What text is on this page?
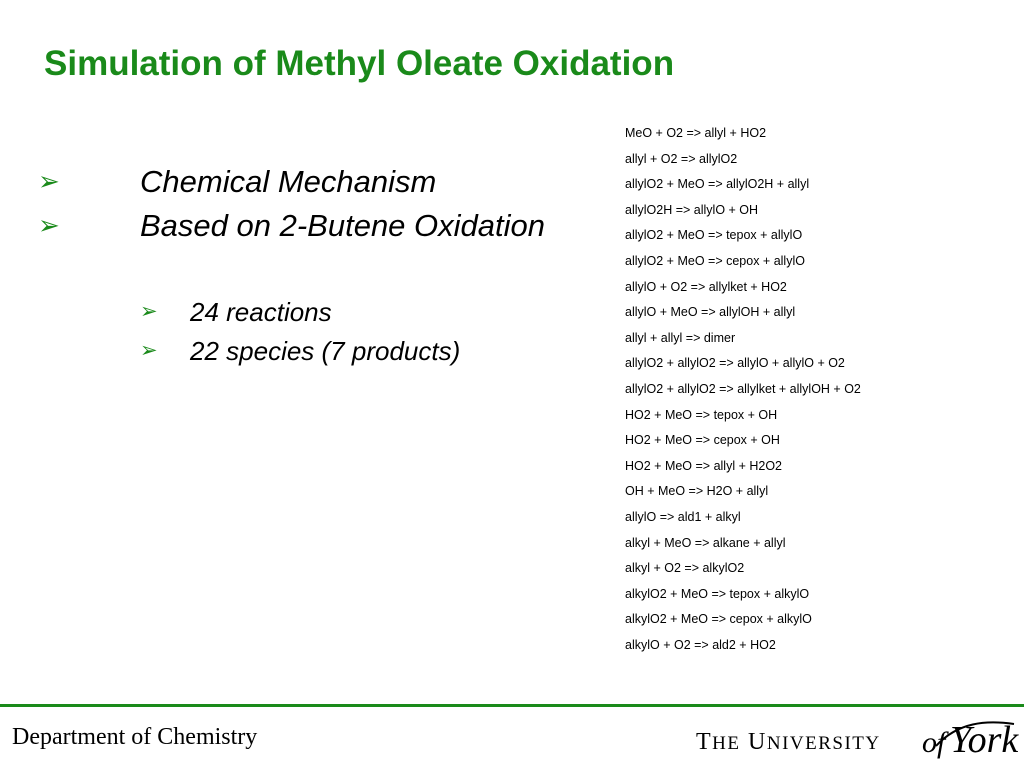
Simulation of Methyl Oleate Oxidation
➢	Chemical Mechanism
➢	Based on 2-Butene Oxidation
➢ 24 reactions
➢ 22 species (7 products)
MeO + O2 => allyl + HO2
allyl + O2 => allylO2
allylO2 + MeO => allylO2H + allyl
allylO2H => allylO + OH
allylO2 + MeO => tepox + allylO
allylO2 + MeO => cepox + allylO
allylO + O2 => allylket + HO2
allylO + MeO => allylOH + allyl
allyl + allyl => dimer
allylO2 + allylO2 => allylO + allylO + O2
allylO2 + allylO2 => allylket + allylOH + O2
HO2 + MeO => tepox + OH
HO2 + MeO => cepox + OH
HO2 + MeO => allyl + H2O2
OH + MeO => H2O + allyl
allylO => ald1 + alkyl
alkyl + MeO => alkane + allyl
alkyl + O2 => alkylO2
alkylO2 + MeO => tepox + alkylO
alkylO2 + MeO => cepox + alkylO
alkylO + O2 => ald2 + HO2
Department of Chemistry	THE UNIVERSITY of York
